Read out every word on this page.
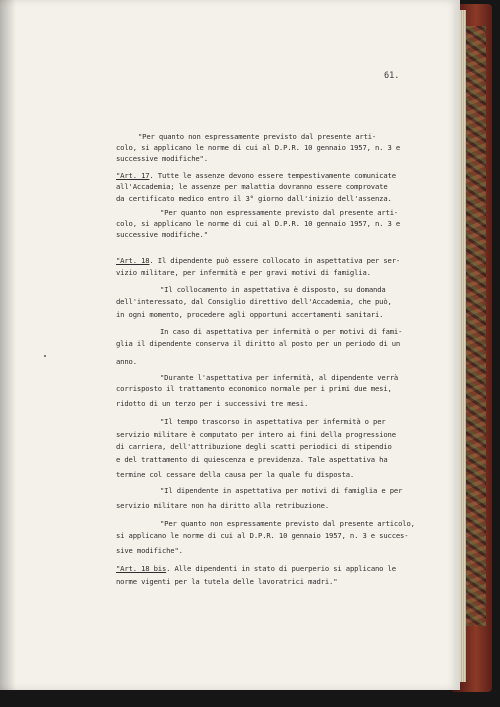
61.
"Per quanto non espressamente previsto dal presente arti-
colo, si applicano le norme di cui al D.P.R. 10 gennaio 1957, n. 3 e
successive modifiche".
"Art. 17. Tutte le assenze devono essere tempestivamente comunicate
all'Accademia; le assenze per malattia dovranno essere comprovate
da certificato medico entro il 3° giorno dall'inizio dell'assenza.
"Per quanto non espressamente previsto dal presente arti-
colo, si applicano le norme di cui al D.P.R. 10 gennaio 1957, n. 3 e
successive modifiche."
"Art. 18. Il dipendente può essere collocato in aspettativa per ser-
vizio militare, per infermità e per gravi motivi di famiglia.
"Il collocamento in aspettativa è disposto, su domanda
dell'interessato, dal Consiglio direttivo dell'Accademia, che può,
in ogni momento, procedere agli opportuni accertamenti sanitari.
In caso di aspettativa per infermità o per motivi di fami-
glia il dipendente conserva il diritto al posto per un periodo di un
anno.
"Durante l'aspettativa per infermità, al dipendente verrà
corrisposto il trattamento economico normale per i primi due mesi,
ridotto di un terzo per i successivi tre mesi.
"Il tempo trascorso in aspettativa per infermità o per
servizio militare è computato per intero ai fini della progressione
di carriera, dell'attribuzione degli scatti periodici di stipendio
e del trattamento di quiescenza e previdenza. Tale aspettativa ha
termine col cessare della causa per la quale fu disposta.
"Il dipendente in aspettativa per motivi di famiglia e per
servizio militare non ha diritto alla retribuzione.
"Per quanto non espressamente previsto dal presente articolo,
si applicano le norme di cui al D.P.R. 10 gennaio 1957, n. 3 e succes-
sive modifiche".
"Art. 18 bis. Alle dipendenti in stato di puerperio si applicano le
norme vigenti per la tutela delle lavoratrici madri."
